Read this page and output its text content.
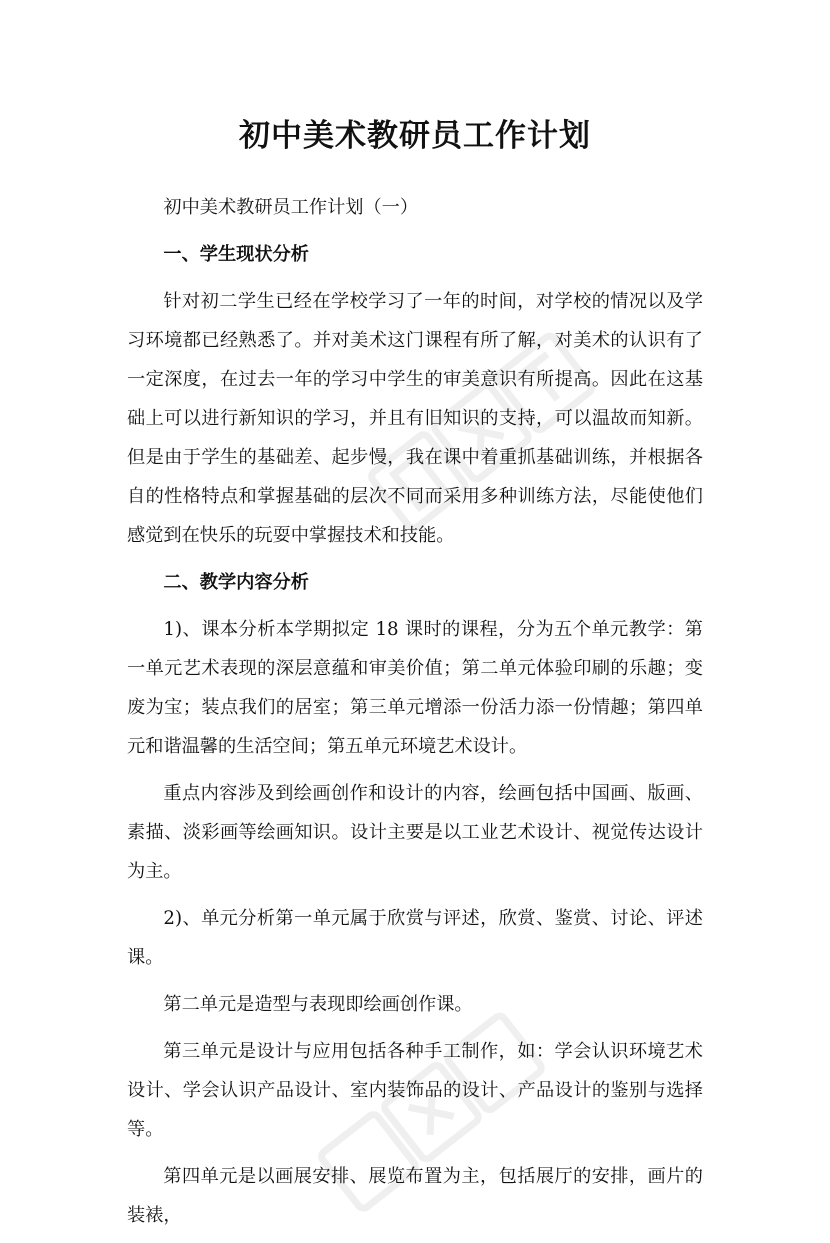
初中美术教研员工作计划

初中美术教研员工作计划（一）

一、学生现状分析

针对初二学生已经在学校学习了一年的时间，对学校的情况以及学习环境都已经熟悉了。并对美术这门课程有所了解，对美术的认识有了一定深度，在过去一年的学习中学生的审美意识有所提高。因此在这基础上可以进行新知识的学习，并且有旧知识的支持，可以温故而知新。但是由于学生的基础差、起步慢，我在课中着重抓基础训练，并根据各自的性格特点和掌握基础的层次不同而采用多种训练方法，尽能使他们感觉到在快乐的玩耍中掌握技术和技能。

二、教学内容分析

1)、课本分析本学期拟定 18 课时的课程，分为五个单元教学：第一单元艺术表现的深层意蕴和审美价值；第二单元体验印刷的乐趣；变废为宝；装点我们的居室；第三单元增添一份活力添一份情趣；第四单元和谐温馨的生活空间；第五单元环境艺术设计。

重点内容涉及到绘画创作和设计的内容，绘画包括中国画、版画、素描、淡彩画等绘画知识。设计主要是以工业艺术设计、视觉传达设计为主。

2)、单元分析第一单元属于欣赏与评述，欣赏、鉴赏、讨论、评述课。

第二单元是造型与表现即绘画创作课。

第三单元是设计与应用包括各种手工制作，如：学会认识环境艺术设计、学会认识产品设计、室内装饰品的设计、产品设计的鉴别与选择等。

第四单元是以画展安排、展览布置为主，包括展厅的安排，画片的装裱，
